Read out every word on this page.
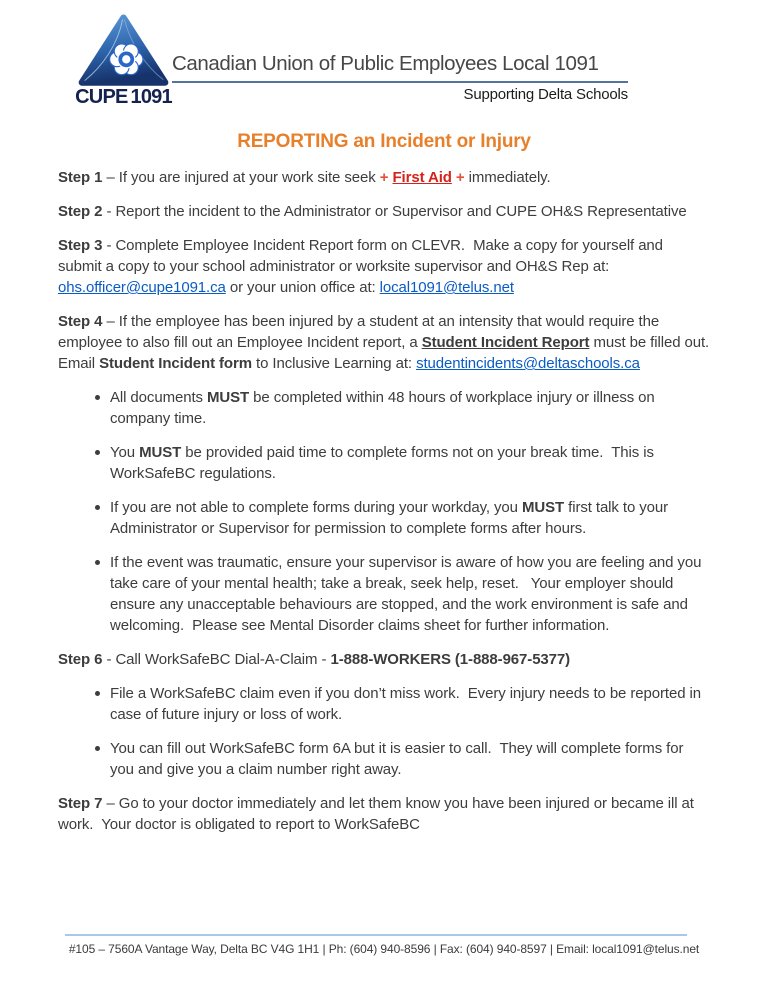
CUPE 1091
Canadian Union of Public Employees Local 1091
Supporting Delta Schools
REPORTING an Incident or Injury

Step 1 – If you are injured at your work site seek + First Aid + immediately.

Step 2 - Report the incident to the Administrator or Supervisor and CUPE OH&S Representative

Step 3 - Complete Employee Incident Report form on CLEVR.  Make a copy for yourself and submit a copy to your school administrator or worksite supervisor and OH&S Rep at: ohs.officer@cupe1091.ca or your union office at: local1091@telus.net

Step 4 – If the employee has been injured by a student at an intensity that would require the employee to also fill out an Employee Incident report, a Student Incident Report must be filled out.  Email Student Incident form to Inclusive Learning at: studentincidents@deltaschools.ca

All documents MUST be completed within 48 hours of workplace injury or illness on company time.
You MUST be provided paid time to complete forms not on your break time.  This is WorkSafeBC regulations.
If you are not able to complete forms during your workday, you MUST first talk to your Administrator or Supervisor for permission to complete forms after hours.
If the event was traumatic, ensure your supervisor is aware of how you are feeling and you take care of your mental health; take a break, seek help, reset.   Your employer should ensure any unacceptable behaviours are stopped, and the work environment is safe and welcoming.  Please see Mental Disorder claims sheet for further information.

Step 6 - Call WorkSafeBC Dial-A-Claim - 1-888-WORKERS (1-888-967-5377)

File a WorkSafeBC claim even if you don’t miss work.  Every injury needs to be reported in case of future injury or loss of work.
You can fill out WorkSafeBC form 6A but it is easier to call.  They will complete forms for you and give you a claim number right away.

Step 7 – Go to your doctor immediately and let them know you have been injured or became ill at work.  Your doctor is obligated to report to WorkSafeBC

#105 – 7560A Vantage Way, Delta BC V4G 1H1 | Ph: (604) 940-8596 | Fax: (604) 940-8597 | Email: local1091@telus.net
